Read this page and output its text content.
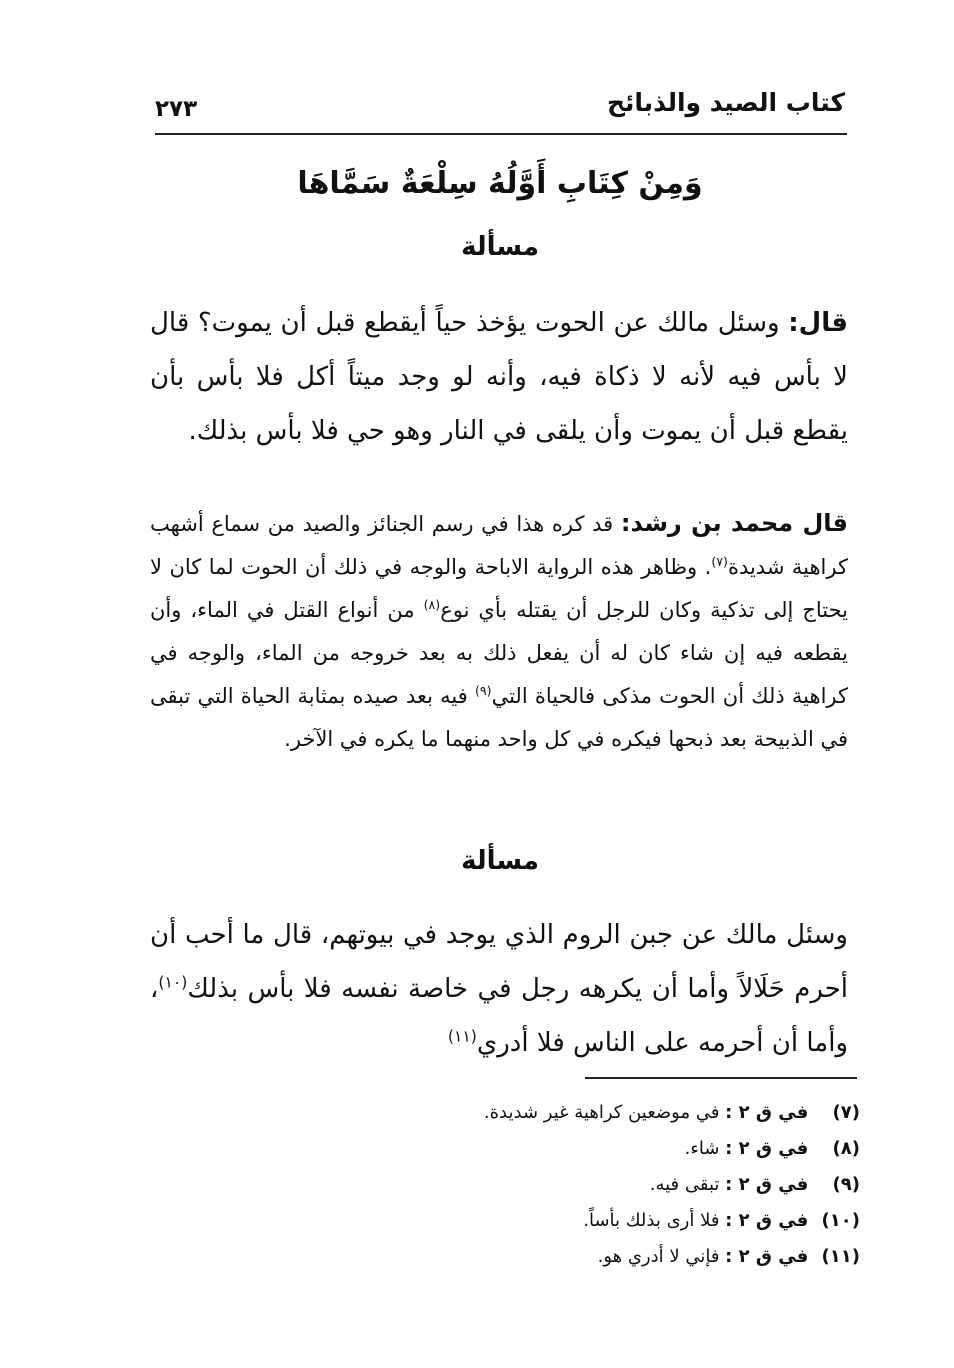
كتاب الصيد والذبائح
٢٧٣
وَمِنْ كِتَابِ أَوَّلُهُ سِلْعَةٌ سَمَّاهَا
مسألة
قال: وسئل مالك عن الحوت يؤخذ حياً أيقطع قبل أن يموت؟ قال لا بأس فيه لأنه لا ذكاة فيه، وأنه لو وجد ميتاً أكل فلا بأس بأن يقطع قبل أن يموت وأن يلقى في النار وهو حي فلا بأس بذلك.
قال محمد بن رشد: قد كره هذا في رسم الجنائز والصيد من سماع أشهب كراهية شديدة$^{(٧)}$. وظاهر هذه الرواية الاباحة والوجه في ذلك أن الحوت لما كان لا يحتاج إلى تذكية وكان للرجل أن يقتله بأي نوع$^{(٨)}$ من أنواع القتل في الماء، وأن يقطعه فيه إن شاء كان له أن يفعل ذلك به بعد خروجه من الماء، والوجه في كراهية ذلك أن الحوت مذكى فالحياة التي$^{(٩)}$ فيه بعد صيده بمثابة الحياة التي تبقى في الذبيحة بعد ذبحها فيكره في كل واحد منهما ما يكره في الآخر.
مسألة
وسئل مالك عن جبن الروم الذي يوجد في بيوتهم، قال ما أحب أن أحرم حَلَالاً وأما أن يكرهه رجل في خاصة نفسه فلا بأس بذلك$^{(١٠)}$، وأما أن أحرمه على الناس فلا أدري$^{(١١)}$
(٧) في ق ٢ : في موضعين كراهية غير شديدة.
(٨) في ق ٢ : شاء.
(٩) في ق ٢ : تبقى فيه.
(١٠) في ق ٢ : فلا أرى بذلك بأساً.
(١١) في ق ٢ : فإني لا أدري هو.
